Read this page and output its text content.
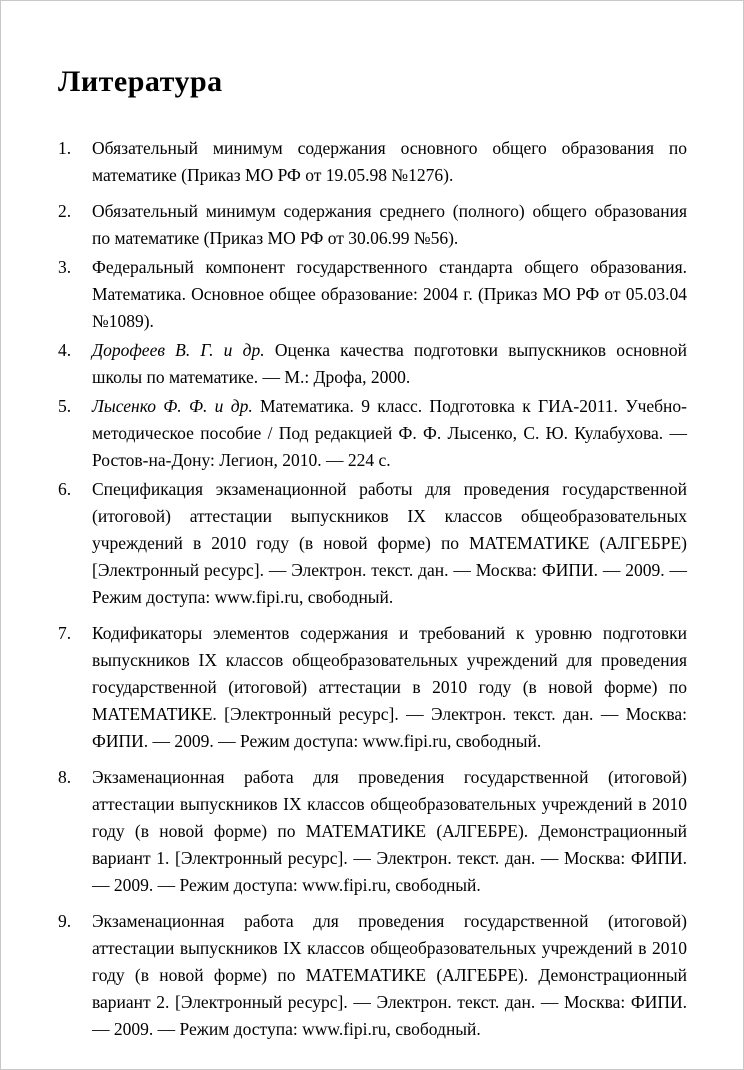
Литература
1.	Обязательный минимум содержания основного общего образования по математике (Приказ МО РФ от 19.05.98 №1276).
2.	Обязательный минимум содержания среднего (полного) общего образования по математике (Приказ МО РФ от 30.06.99 №56).
3.	Федеральный компонент государственного стандарта общего образования. Математика. Основное общее образование: 2004 г. (Приказ МО РФ от 05.03.04 №1089).
4.	Дорофеев В. Г. и др. Оценка качества подготовки выпускников основной школы по математике. — М.: Дрофа, 2000.
5.	Лысенко Ф. Ф. и др. Математика. 9 класс. Подготовка к ГИА-2011. Учебно-методическое пособие / Под редакцией Ф. Ф. Лысенко, С. Ю. Кулабухова. — Ростов-на-Дону: Легион, 2010. — 224 с.
6.	Спецификация экзаменационной работы для проведения государственной (итоговой) аттестации выпускников IX классов общеобразовательных учреждений в 2010 году (в новой форме) по МАТЕМАТИКЕ (АЛГЕБРЕ) [Электронный ресурс]. — Электрон. текст. дан. — Москва: ФИПИ. — 2009. — Режим доступа: www.fipi.ru, свободный.
7.	Кодификаторы элементов содержания и требований к уровню подготовки выпускников IX классов общеобразовательных учреждений для проведения государственной (итоговой) аттестации в 2010 году (в новой форме) по МАТЕМАТИКЕ. [Электронный ресурс]. — Электрон. текст. дан. — Москва: ФИПИ. — 2009. — Режим доступа: www.fipi.ru, свободный.
8.	Экзаменационная работа для проведения государственной (итоговой) аттестации выпускников IX классов общеобразовательных учреждений в 2010 году (в новой форме) по МАТЕМАТИКЕ (АЛГЕБРЕ). Демонстрационный вариант 1. [Электронный ресурс]. — Электрон. текст. дан. — Москва: ФИПИ. — 2009. — Режим доступа: www.fipi.ru, свободный.
9.	Экзаменационная работа для проведения государственной (итоговой) аттестации выпускников IX классов общеобразовательных учреждений в 2010 году (в новой форме) по МАТЕМАТИКЕ (АЛГЕБРЕ). Демонстрационный вариант 2. [Электронный ресурс]. — Электрон. текст. дан. — Москва: ФИПИ. — 2009. — Режим доступа: www.fipi.ru, свободный.
